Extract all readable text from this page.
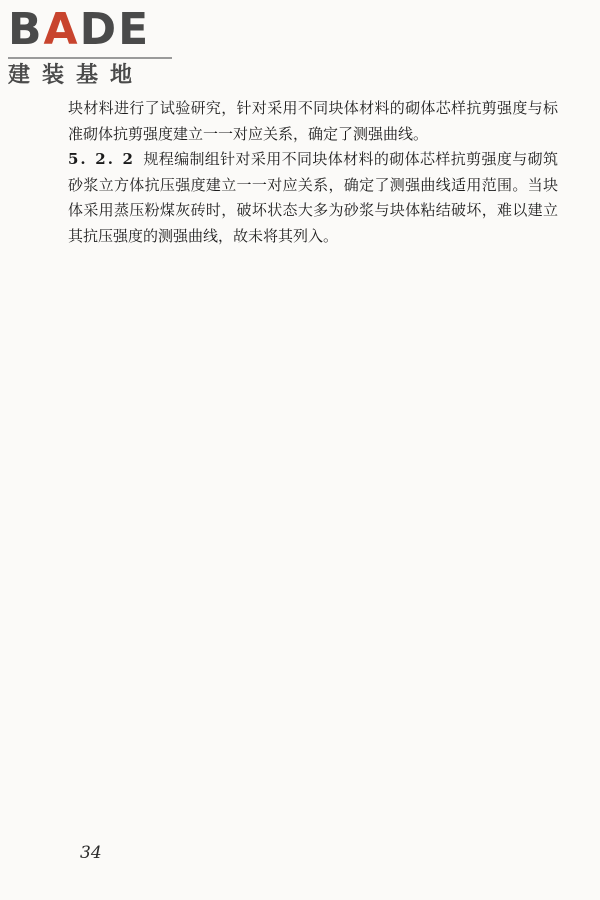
BADE
建装基地

块材料进行了试验研究，针对采用不同块体材料的砌体芯样抗剪强度与标准砌体抗剪强度建立一一对应关系，确定了测强曲线。

5. 2. 2 规程编制组针对采用不同块体材料的砌体芯样抗剪强度与砌筑砂浆立方体抗压强度建立一一对应关系，确定了测强曲线适用范围。当块体采用蒸压粉煤灰砖时，破坏状态大多为砂浆与块体粘结破坏，难以建立其抗压强度的测强曲线，故未将其列入。

34
